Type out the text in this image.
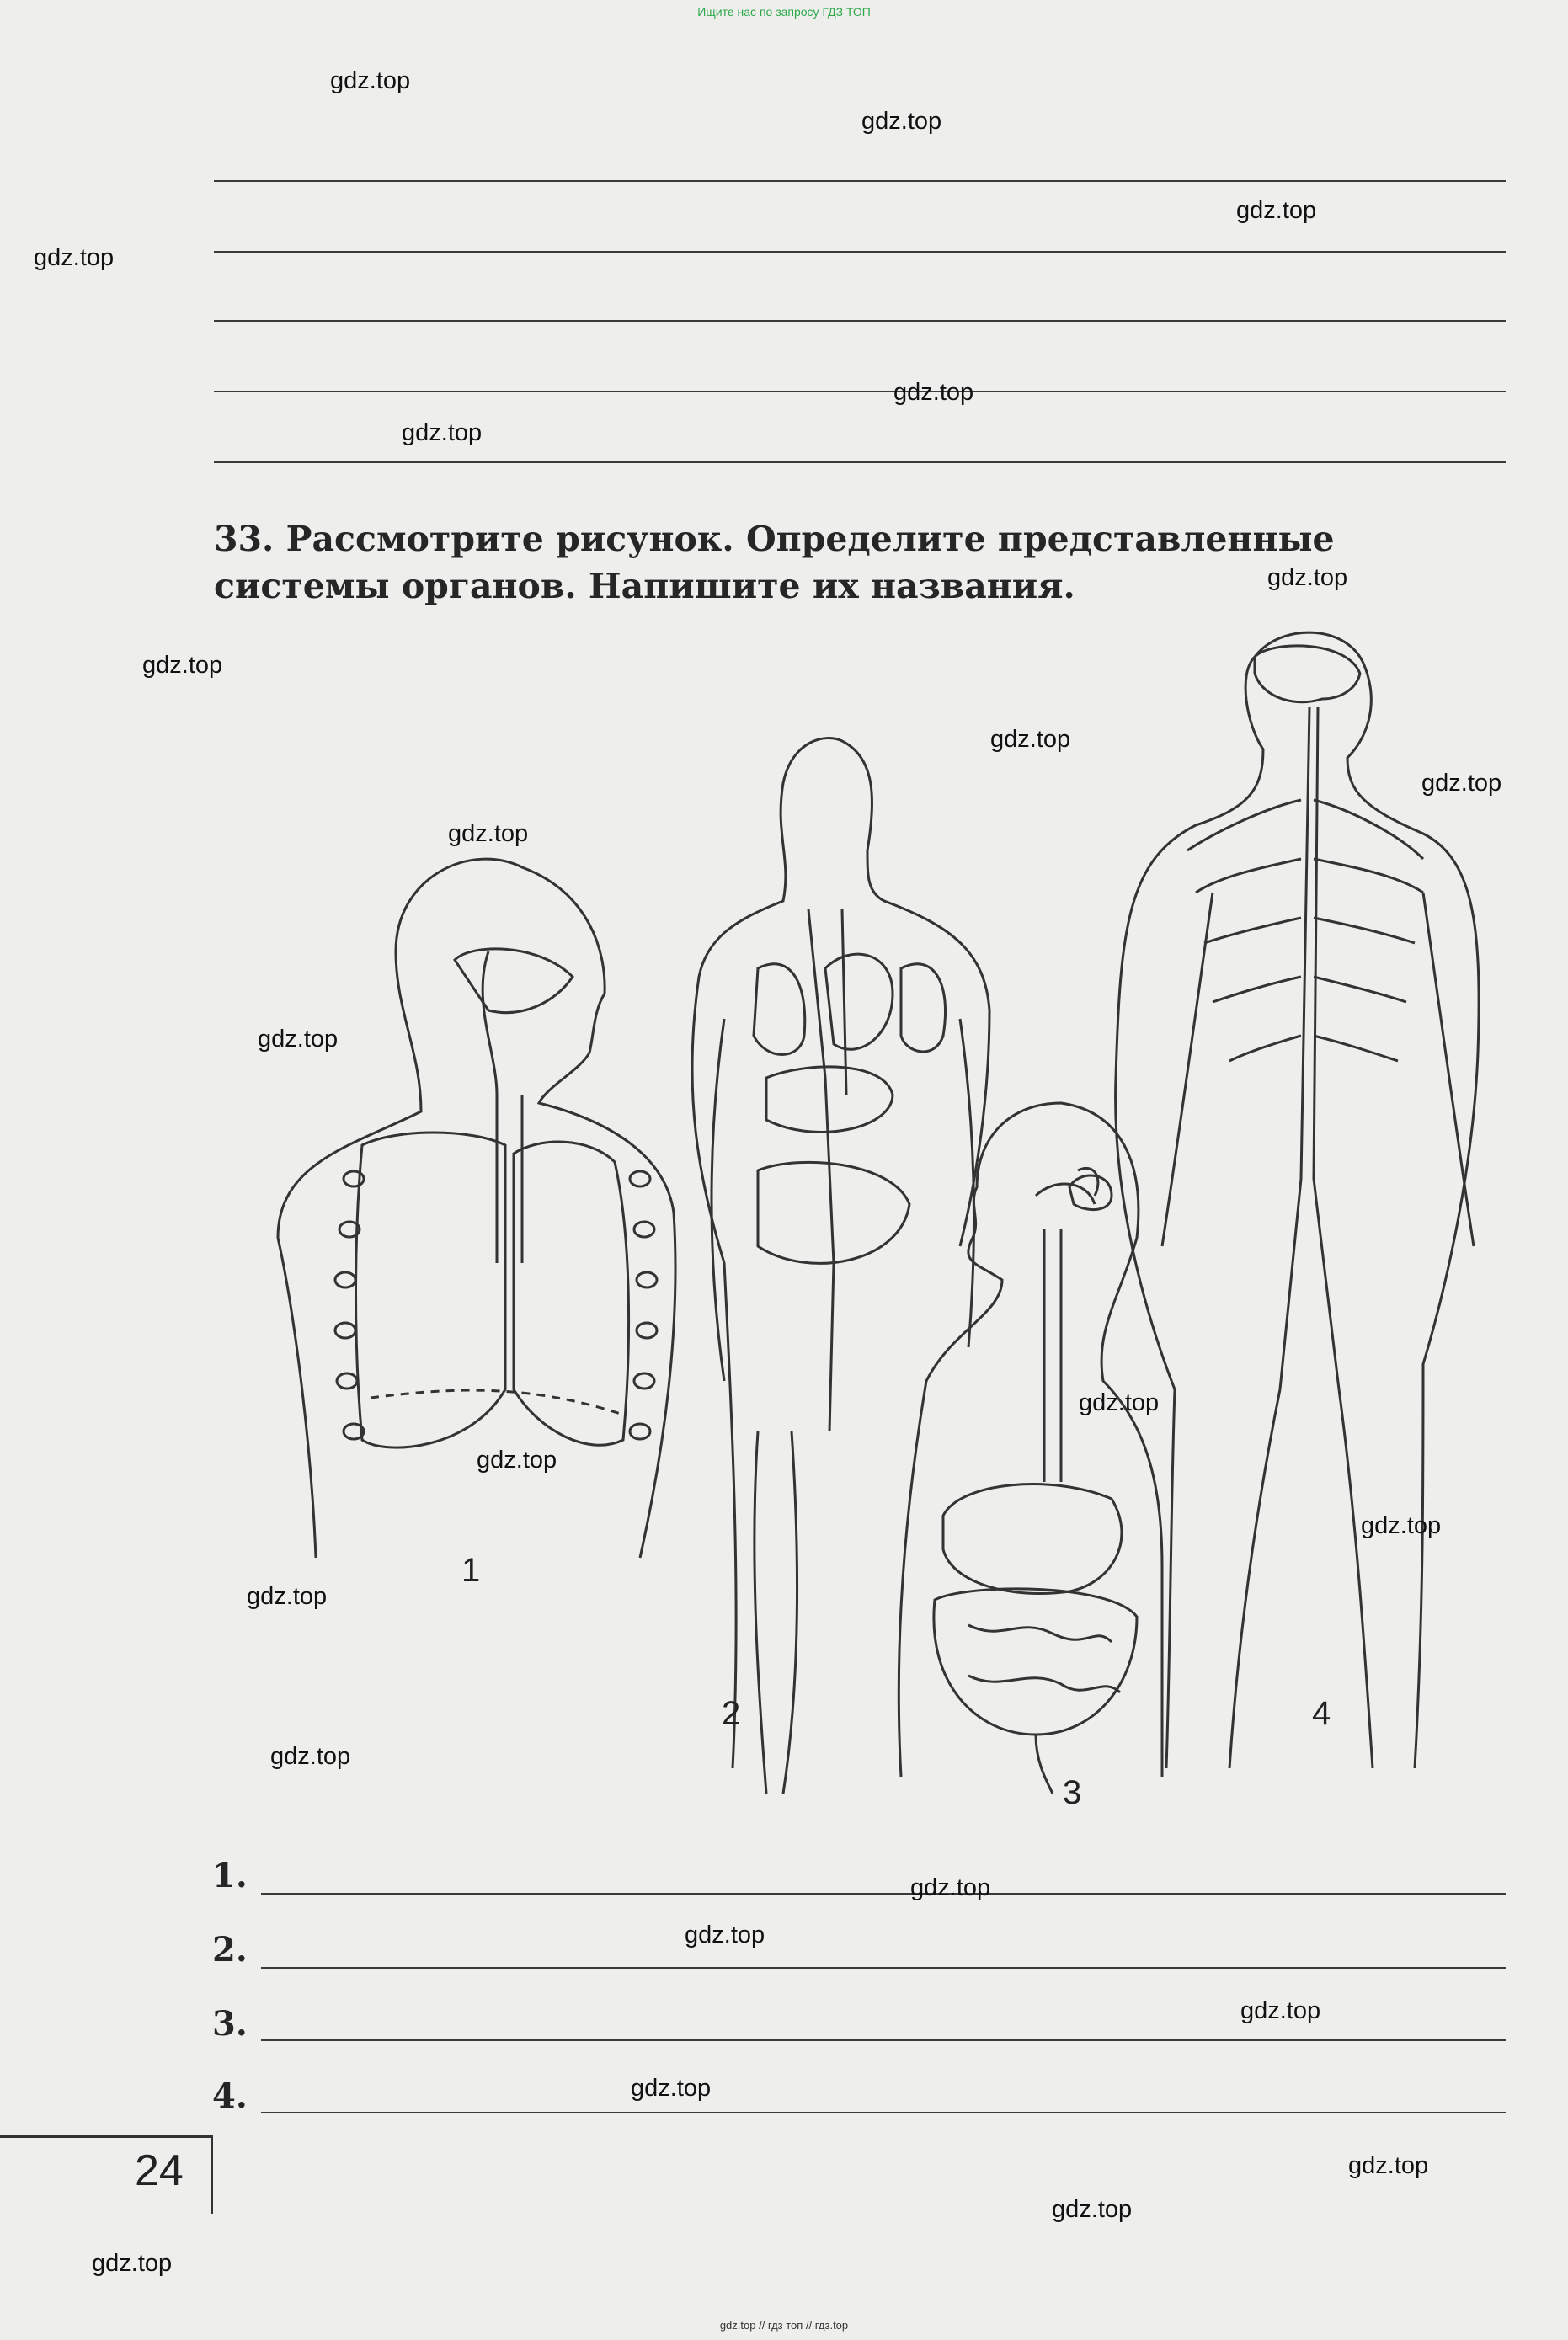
Ищите нас по запросу ГДЗ ТОП
33. Рассмотрите рисунок. Определите представленные системы органов. Напишите их названия.
1
2
3
4
1.
2.
3.
4.
24
gdz.top
gdz.top
gdz.top
gdz.top
gdz.top
gdz.top
gdz.top
gdz.top
gdz.top
gdz.top
gdz.top
gdz.top
gdz.top
gdz.top
gdz.top
gdz.top
gdz.top
gdz.top
gdz.top
gdz.top
gdz.top
gdz.top
gdz.top
gdz.top
gdz.top // гдз топ // гдз.top
